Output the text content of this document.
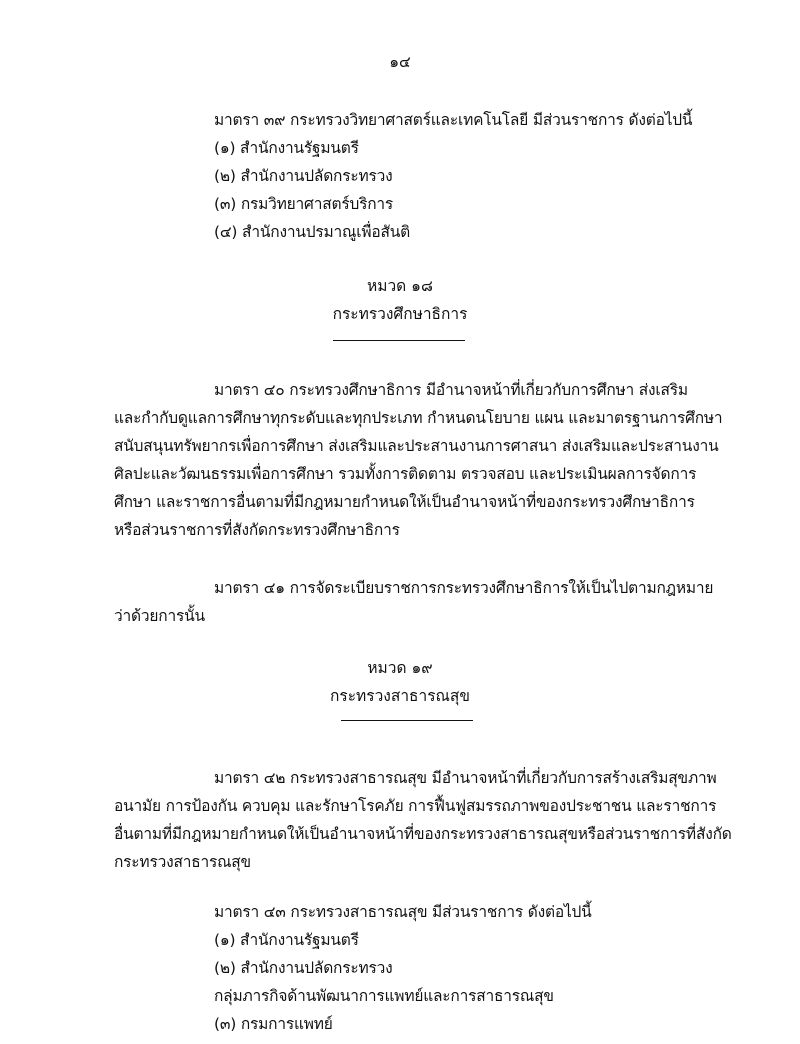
๑๔
มาตรา ๓๙ กระทรวงวิทยาศาสตร์และเทคโนโลยี มีส่วนราชการ ดังต่อไปนี้
(๑) สำนักงานรัฐมนตรี
(๒) สำนักงานปลัดกระทรวง
(๓) กรมวิทยาศาสตร์บริการ
(๔) สำนักงานปรมาณูเพื่อสันติ
หมวด ๑๘
กระทรวงศึกษาธิการ
มาตรา ๔๐ กระทรวงศึกษาธิการ มีอำนาจหน้าที่เกี่ยวกับการศึกษา ส่งเสริม
และกำกับดูแลการศึกษาทุกระดับและทุกประเภท กำหนดนโยบาย แผน และมาตรฐานการศึกษา
สนับสนุนทรัพยากรเพื่อการศึกษา ส่งเสริมและประสานงานการศาสนา ส่งเสริมและประสานงาน
ศิลปะและวัฒนธรรมเพื่อการศึกษา รวมทั้งการติดตาม ตรวจสอบ และประเมินผลการจัดการ
ศึกษา และราชการอื่นตามที่มีกฎหมายกำหนดให้เป็นอำนาจหน้าที่ของกระทรวงศึกษาธิการ
หรือส่วนราชการที่สังกัดกระทรวงศึกษาธิการ
มาตรา ๔๑ การจัดระเบียบราชการกระทรวงศึกษาธิการให้เป็นไปตามกฎหมาย
ว่าด้วยการนั้น
หมวด ๑๙
กระทรวงสาธารณสุข
มาตรา ๔๒ กระทรวงสาธารณสุข มีอำนาจหน้าที่เกี่ยวกับการสร้างเสริมสุขภาพ
อนามัย การป้องกัน ควบคุม และรักษาโรคภัย การฟื้นฟูสมรรถภาพของประชาชน และราชการ
อื่นตามที่มีกฎหมายกำหนดให้เป็นอำนาจหน้าที่ของกระทรวงสาธารณสุขหรือส่วนราชการที่สังกัด
กระทรวงสาธารณสุข
มาตรา ๔๓ กระทรวงสาธารณสุข มีส่วนราชการ ดังต่อไปนี้
(๑) สำนักงานรัฐมนตรี
(๒) สำนักงานปลัดกระทรวง
กลุ่มภารกิจด้านพัฒนาการแพทย์และการสาธารณสุข
(๓) กรมการแพทย์
